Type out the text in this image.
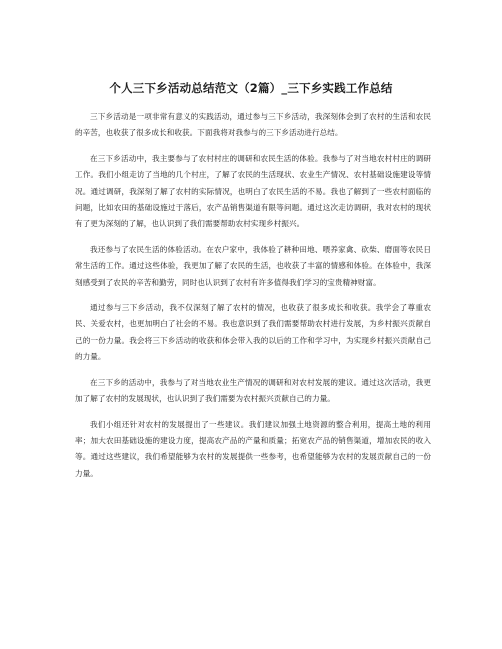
个人三下乡活动总结范文（2篇）_三下乡实践工作总结

三下乡活动是一项非常有意义的实践活动，通过参与三下乡活动，我深刻体会到了农村的生活和农民的辛苦，也收获了很多成长和收获。下面我将对我参与的三下乡活动进行总结。

在三下乡活动中，我主要参与了农村村庄的调研和农民生活的体验。我参与了对当地农村村庄的调研工作。我们小组走访了当地的几个村庄，了解了农民的生活现状、农业生产情况、农村基础设施建设等情况。通过调研，我深刻了解了农村的实际情况，也明白了农民生活的不易。我也了解到了一些农村面临的问题，比如农田的基础设施过于落后，农产品销售渠道有限等问题。通过这次走访调研，我对农村的现状有了更为深刻的了解，也认识到了我们需要帮助农村实现乡村振兴。

我还参与了农民生活的体验活动。在农户家中，我体验了耕种田地、喂养家禽、砍柴、磨面等农民日常生活的工作。通过这些体验，我更加了解了农民的生活，也收获了丰富的情感和体验。在体验中，我深刻感受到了农民的辛苦和勤劳，同时也认识到了农村有许多值得我们学习的宝贵精神财富。

通过参与三下乡活动，我不仅深刻了解了农村的情况，也收获了很多成长和收获。我学会了尊重农民、关爱农村，也更加明白了社会的不易。我也意识到了我们需要帮助农村进行发展，为乡村振兴贡献自己的一份力量。我会将三下乡活动的收获和体会带入我的以后的工作和学习中，为实现乡村振兴贡献自己的力量。

在三下乡的活动中，我参与了对当地农业生产情况的调研和对农村发展的建议。通过这次活动，我更加了解了农村的发展现状，也认识到了我们需要为农村振兴贡献自己的力量。

我们小组还针对农村的发展提出了一些建议。我们建议加强土地资源的整合利用，提高土地的利用率；加大农田基础设施的建设力度，提高农产品的产量和质量；拓宽农产品的销售渠道，增加农民的收入等。通过这些建议，我们希望能够为农村的发展提供一些参考，也希望能够为农村的发展贡献自己的一份力量。
